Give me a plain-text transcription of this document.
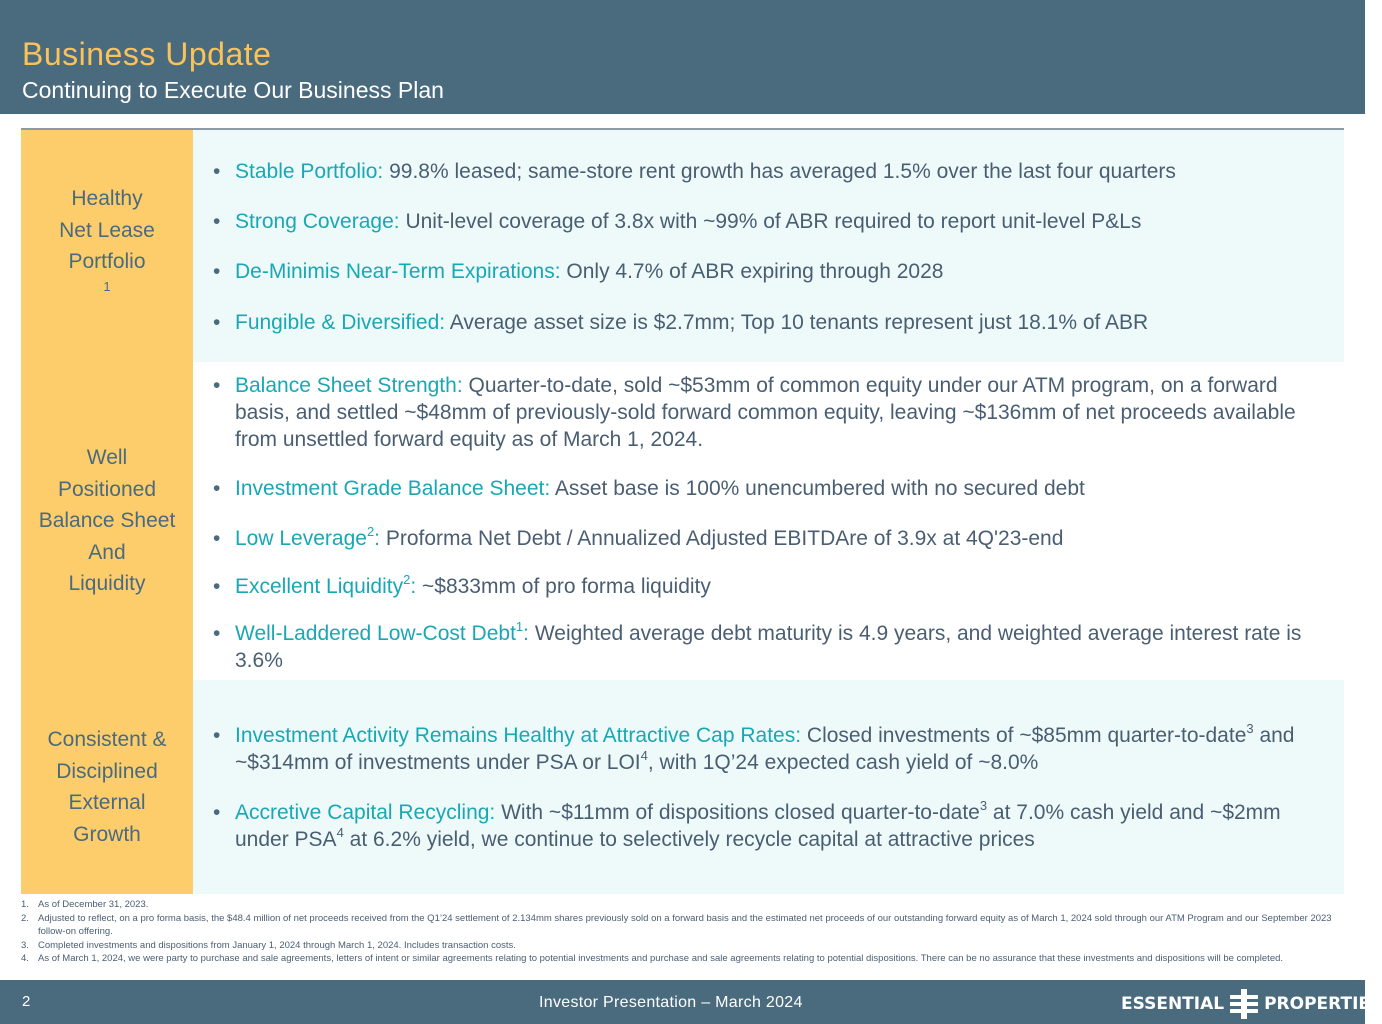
Business Update
Continuing to Execute Our Business Plan
Healthy
Net Lease
Portfolio
$^1$
• Stable Portfolio: 99.8% leased; same-store rent growth has averaged 1.5% over the last four quarters
• Strong Coverage: Unit-level coverage of 3.8x with ~99% of ABR required to report unit-level P&Ls
• De-Minimis Near-Term Expirations: Only 4.7% of ABR expiring through 2028
• Fungible & Diversified: Average asset size is $2.7mm; Top 10 tenants represent just 18.1% of ABR
Well
Positioned
Balance Sheet
And
Liquidity
• Balance Sheet Strength: Quarter-to-date, sold ~$53mm of common equity under our ATM program, on a forward basis, and settled ~$48mm of previously-sold forward common equity, leaving ~$136mm of net proceeds available from unsettled forward equity as of March 1, 2024.
• Investment Grade Balance Sheet: Asset base is 100% unencumbered with no secured debt
• Low Leverage$^2$: Proforma Net Debt / Annualized Adjusted EBITDAre of 3.9x at 4Q'23-end
• Excellent Liquidity$^2$: ~$833mm of pro forma liquidity
• Well-Laddered Low-Cost Debt$^1$: Weighted average debt maturity is 4.9 years, and weighted average interest rate is 3.6%
Consistent &
Disciplined
External
Growth
• Investment Activity Remains Healthy at Attractive Cap Rates: Closed investments of ~$85mm quarter-to-date$^3$ and ~$314mm of investments under PSA or LOI$^4$, with 1Q’24 expected cash yield of ~8.0%
• Accretive Capital Recycling: With ~$11mm of dispositions closed quarter-to-date$^3$ at 7.0% cash yield and ~$2mm under PSA$^4$ at 6.2% yield, we continue to selectively recycle capital at attractive prices
1. As of December 31, 2023.
2. Adjusted to reflect, on a pro forma basis, the $48.4 million of net proceeds received from the Q1’24 settlement of 2.134mm shares previously sold on a forward basis and the estimated net proceeds of our outstanding forward equity as of March 1, 2024 sold through our ATM Program and our September 2023 follow-on offering.
3. Completed investments and dispositions from January 1, 2024 through March 1, 2024. Includes transaction costs.
4. As of March 1, 2024, we were party to purchase and sale agreements, letters of intent or similar agreements relating to potential investments and purchase and sale agreements relating to potential dispositions. There can be no assurance that these investments and dispositions will be completed.
2	Investor Presentation – March 2024	ESSENTIAL PROPERTIES
